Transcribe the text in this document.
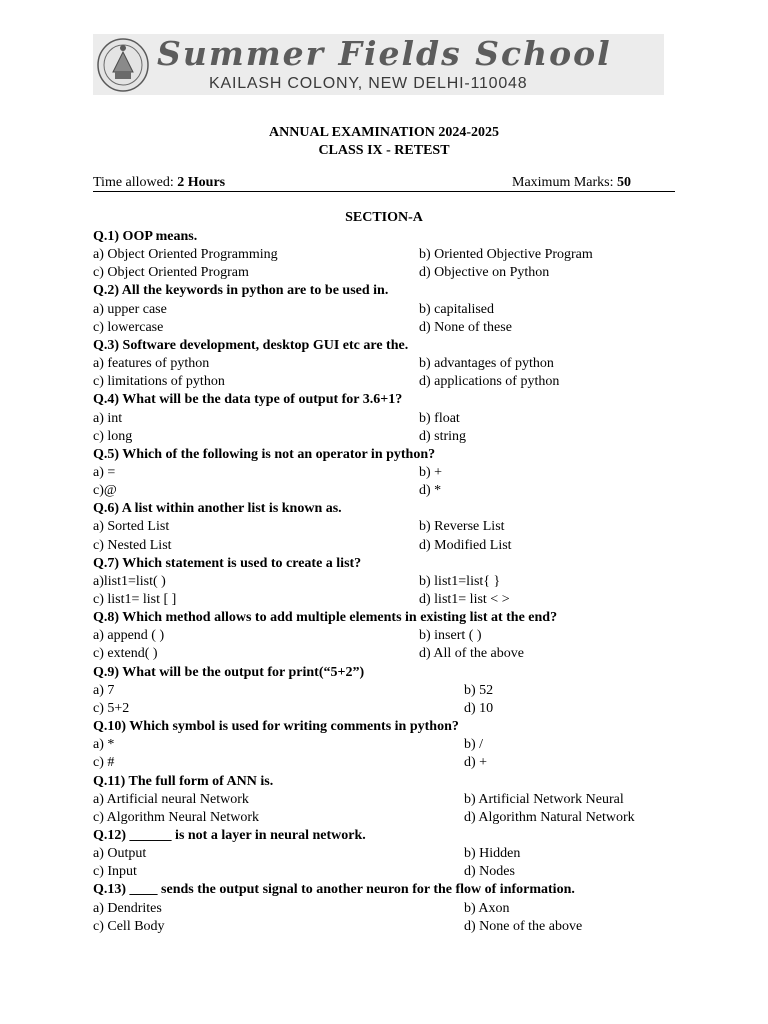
Summer Fields School
KAILASH COLONY, NEW DELHI-110048
ANNUAL EXAMINATION 2024-2025
CLASS IX - RETEST
Time allowed: 2 Hours	Maximum Marks: 50
SECTION-A
Q.1) OOP means.
a) Object Oriented Programming	b) Oriented Objective Program
c) Object Oriented Program	d) Objective on Python
Q.2) All the keywords in python are to be used in.
a) upper case	b) capitalised
c) lowercase	d) None of these
Q.3) Software development, desktop GUI etc are the.
a) features of python	b) advantages of python
c) limitations of python	d) applications of python
Q.4) What will be the data type of output for 3.6+1?
a) int	b) float
c) long	d) string
Q.5) Which of the following is not an operator in python?
a) =	b) +
c)@	d) *
Q.6) A list within another list is known as.
a) Sorted List	b) Reverse List
c) Nested List	d) Modified List
Q.7) Which statement is used to create a list?
a)list1=list( )	b) list1=list{ }
c) list1= list [ ]	d) list1= list < >
Q.8) Which method allows to add multiple elements in existing list at the end?
a) append ( )	b) insert ( )
c) extend( )	d) All of the above
Q.9) What will be the output for print(“5+2”)
a) 7	b) 52
c) 5+2	d) 10
Q.10) Which symbol is used for writing comments in python?
a) *	b) /
c) #	d) +
Q.11) The full form of ANN is.
a) Artificial neural Network	b) Artificial Network Neural
c) Algorithm Neural Network	d) Algorithm Natural Network
Q.12) ______ is not a layer in neural network.
a) Output	b) Hidden
c) Input	d) Nodes
Q.13) ____ sends the output signal to another neuron for the flow of information.
a) Dendrites	b) Axon
c) Cell Body	d) None of the above
